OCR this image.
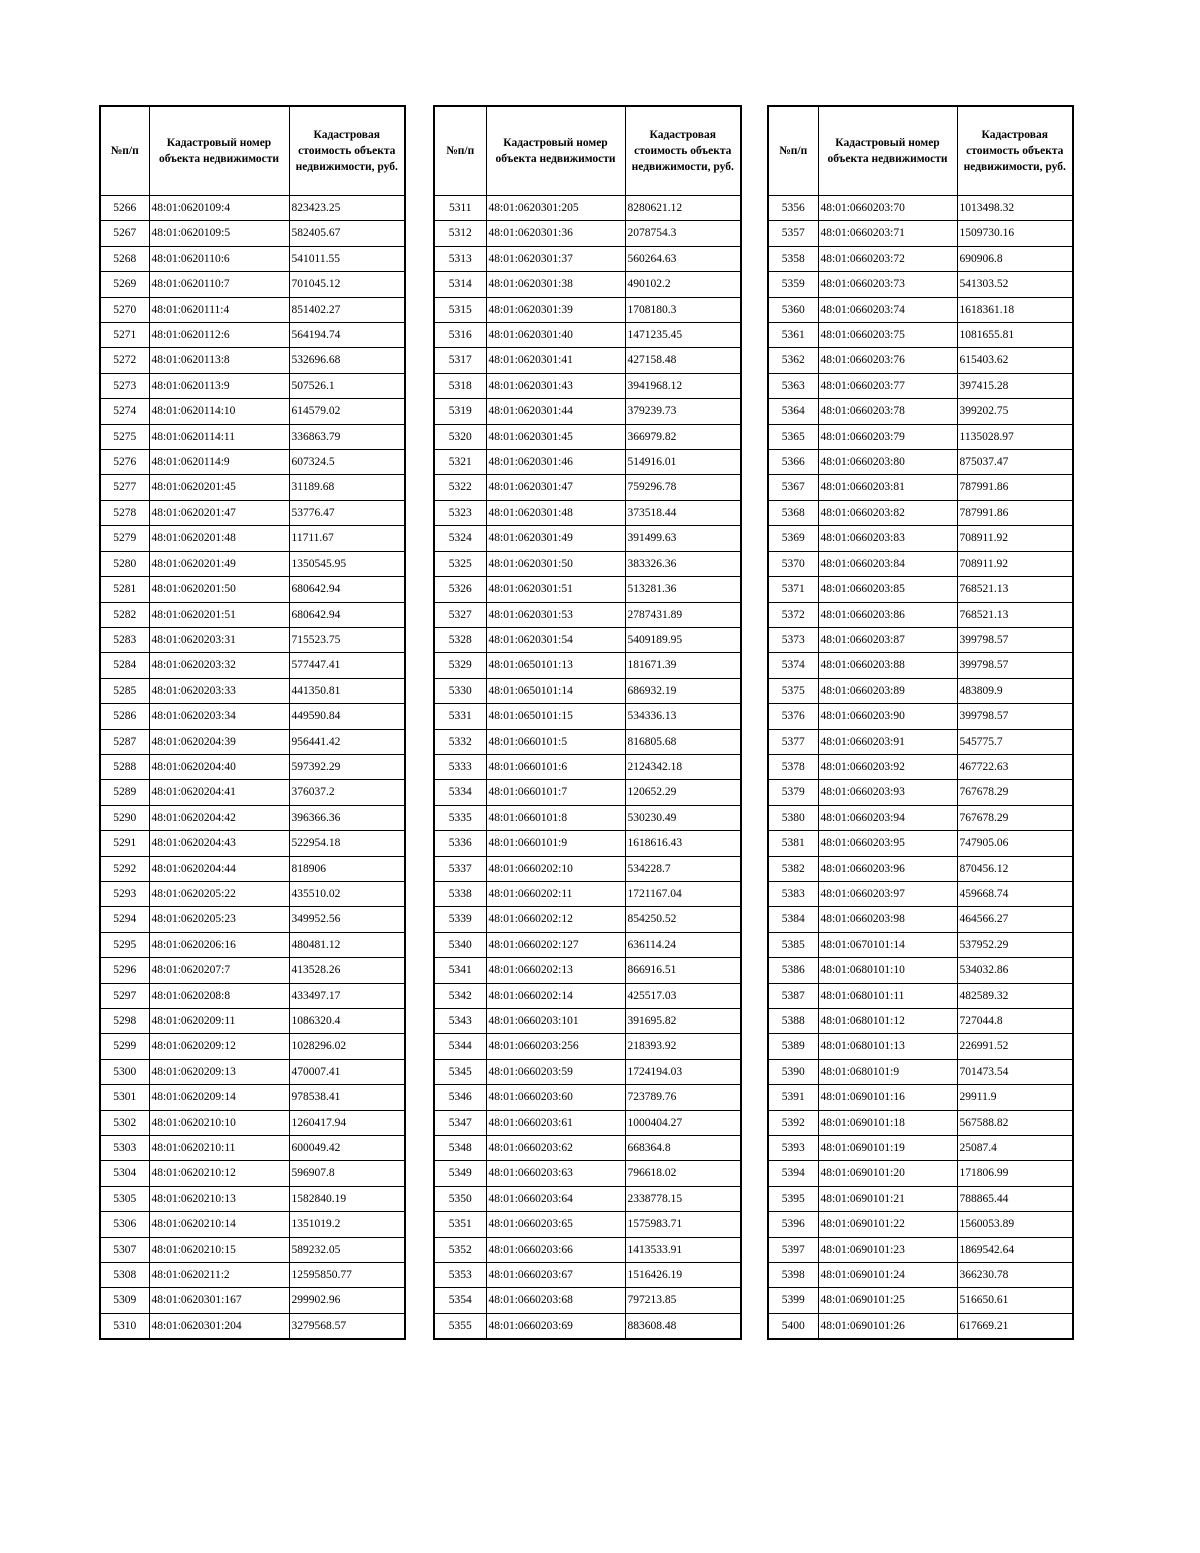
№п/п	Кадастровый номер объекта недвижимости	Кадастровая стоимость объекта недвижимости, руб.
5266	48:01:0620109:4	823423.25
5267	48:01:0620109:5	582405.67
5268	48:01:0620110:6	541011.55
5269	48:01:0620110:7	701045.12
5270	48:01:0620111:4	851402.27
5271	48:01:0620112:6	564194.74
5272	48:01:0620113:8	532696.68
5273	48:01:0620113:9	507526.1
5274	48:01:0620114:10	614579.02
5275	48:01:0620114:11	336863.79
5276	48:01:0620114:9	607324.5
5277	48:01:0620201:45	31189.68
5278	48:01:0620201:47	53776.47
5279	48:01:0620201:48	11711.67
5280	48:01:0620201:49	1350545.95
5281	48:01:0620201:50	680642.94
5282	48:01:0620201:51	680642.94
5283	48:01:0620203:31	715523.75
5284	48:01:0620203:32	577447.41
5285	48:01:0620203:33	441350.81
5286	48:01:0620203:34	449590.84
5287	48:01:0620204:39	956441.42
5288	48:01:0620204:40	597392.29
5289	48:01:0620204:41	376037.2
5290	48:01:0620204:42	396366.36
5291	48:01:0620204:43	522954.18
5292	48:01:0620204:44	818906
5293	48:01:0620205:22	435510.02
5294	48:01:0620205:23	349952.56
5295	48:01:0620206:16	480481.12
5296	48:01:0620207:7	413528.26
5297	48:01:0620208:8	433497.17
5298	48:01:0620209:11	1086320.4
5299	48:01:0620209:12	1028296.02
5300	48:01:0620209:13	470007.41
5301	48:01:0620209:14	978538.41
5302	48:01:0620210:10	1260417.94
5303	48:01:0620210:11	600049.42
5304	48:01:0620210:12	596907.8
5305	48:01:0620210:13	1582840.19
5306	48:01:0620210:14	1351019.2
5307	48:01:0620210:15	589232.05
5308	48:01:0620211:2	12595850.77
5309	48:01:0620301:167	299902.96
5310	48:01:0620301:204	3279568.57
№п/п	Кадастровый номер объекта недвижимости	Кадастровая стоимость объекта недвижимости, руб.
5311	48:01:0620301:205	8280621.12
5312	48:01:0620301:36	2078754.3
5313	48:01:0620301:37	560264.63
5314	48:01:0620301:38	490102.2
5315	48:01:0620301:39	1708180.3
5316	48:01:0620301:40	1471235.45
5317	48:01:0620301:41	427158.48
5318	48:01:0620301:43	3941968.12
5319	48:01:0620301:44	379239.73
5320	48:01:0620301:45	366979.82
5321	48:01:0620301:46	514916.01
5322	48:01:0620301:47	759296.78
5323	48:01:0620301:48	373518.44
5324	48:01:0620301:49	391499.63
5325	48:01:0620301:50	383326.36
5326	48:01:0620301:51	513281.36
5327	48:01:0620301:53	2787431.89
5328	48:01:0620301:54	5409189.95
5329	48:01:0650101:13	181671.39
5330	48:01:0650101:14	686932.19
5331	48:01:0650101:15	534336.13
5332	48:01:0660101:5	816805.68
5333	48:01:0660101:6	2124342.18
5334	48:01:0660101:7	120652.29
5335	48:01:0660101:8	530230.49
5336	48:01:0660101:9	1618616.43
5337	48:01:0660202:10	534228.7
5338	48:01:0660202:11	1721167.04
5339	48:01:0660202:12	854250.52
5340	48:01:0660202:127	636114.24
5341	48:01:0660202:13	866916.51
5342	48:01:0660202:14	425517.03
5343	48:01:0660203:101	391695.82
5344	48:01:0660203:256	218393.92
5345	48:01:0660203:59	1724194.03
5346	48:01:0660203:60	723789.76
5347	48:01:0660203:61	1000404.27
5348	48:01:0660203:62	668364.8
5349	48:01:0660203:63	796618.02
5350	48:01:0660203:64	2338778.15
5351	48:01:0660203:65	1575983.71
5352	48:01:0660203:66	1413533.91
5353	48:01:0660203:67	1516426.19
5354	48:01:0660203:68	797213.85
5355	48:01:0660203:69	883608.48
№п/п	Кадастровый номер объекта недвижимости	Кадастровая стоимость объекта недвижимости, руб.
5356	48:01:0660203:70	1013498.32
5357	48:01:0660203:71	1509730.16
5358	48:01:0660203:72	690906.8
5359	48:01:0660203:73	541303.52
5360	48:01:0660203:74	1618361.18
5361	48:01:0660203:75	1081655.81
5362	48:01:0660203:76	615403.62
5363	48:01:0660203:77	397415.28
5364	48:01:0660203:78	399202.75
5365	48:01:0660203:79	1135028.97
5366	48:01:0660203:80	875037.47
5367	48:01:0660203:81	787991.86
5368	48:01:0660203:82	787991.86
5369	48:01:0660203:83	708911.92
5370	48:01:0660203:84	708911.92
5371	48:01:0660203:85	768521.13
5372	48:01:0660203:86	768521.13
5373	48:01:0660203:87	399798.57
5374	48:01:0660203:88	399798.57
5375	48:01:0660203:89	483809.9
5376	48:01:0660203:90	399798.57
5377	48:01:0660203:91	545775.7
5378	48:01:0660203:92	467722.63
5379	48:01:0660203:93	767678.29
5380	48:01:0660203:94	767678.29
5381	48:01:0660203:95	747905.06
5382	48:01:0660203:96	870456.12
5383	48:01:0660203:97	459668.74
5384	48:01:0660203:98	464566.27
5385	48:01:0670101:14	537952.29
5386	48:01:0680101:10	534032.86
5387	48:01:0680101:11	482589.32
5388	48:01:0680101:12	727044.8
5389	48:01:0680101:13	226991.52
5390	48:01:0680101:9	701473.54
5391	48:01:0690101:16	29911.9
5392	48:01:0690101:18	567588.82
5393	48:01:0690101:19	25087.4
5394	48:01:0690101:20	171806.99
5395	48:01:0690101:21	788865.44
5396	48:01:0690101:22	1560053.89
5397	48:01:0690101:23	1869542.64
5398	48:01:0690101:24	366230.78
5399	48:01:0690101:25	516650.61
5400	48:01:0690101:26	617669.21
